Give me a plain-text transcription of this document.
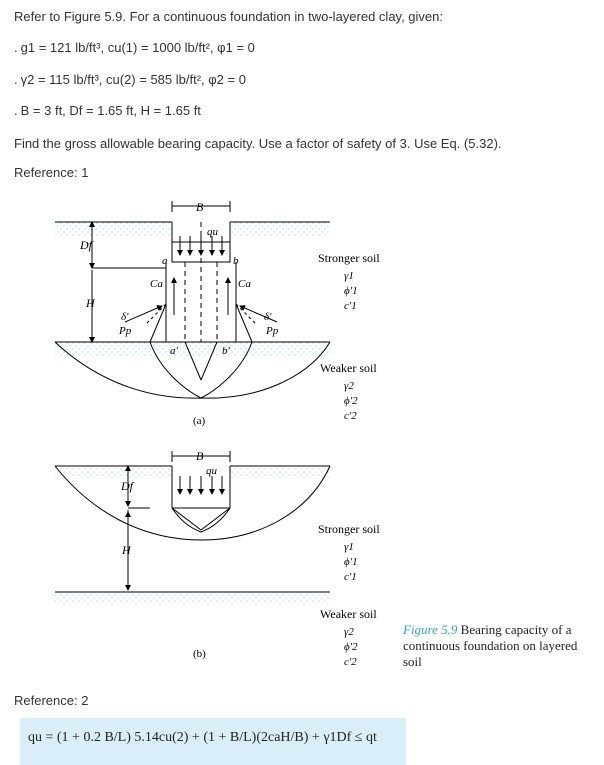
Refer to Figure 5.9. For a continuous foundation in two-layered clay, given:
. g1 = 121 lb/ft³, cu(1) = 1000 lb/ft², φ1 = 0
. γ2 = 115 lb/ft³, cu(2) = 585 lb/ft², φ2 = 0
. B = 3 ft, Df = 1.65 ft, H = 1.65 ft
Find the gross allowable bearing capacity. Use a factor of safety of 3. Use Eq. (5.32).
Reference: 1
B
qu
Df
H
a	b
Ca	Ca
δ′	δ′
Pp	Pp
a′	b′
(a)
Stronger soil
γ1
ϕ′1
c′1
Weaker soil
γ2
ϕ′2
c′2
B
qu
Df
H
(b)
Stronger soil
γ1
ϕ′1
c′1
Weaker soil
γ2
ϕ′2
c′2
Figure 5.9 Bearing capacity of a continuous foundation on layered soil
Reference: 2
qu = (1 + 0.2 B/L) 5.14cu(2) + (1 + B/L)(2caH/B) + γ1Df ≤ qt
